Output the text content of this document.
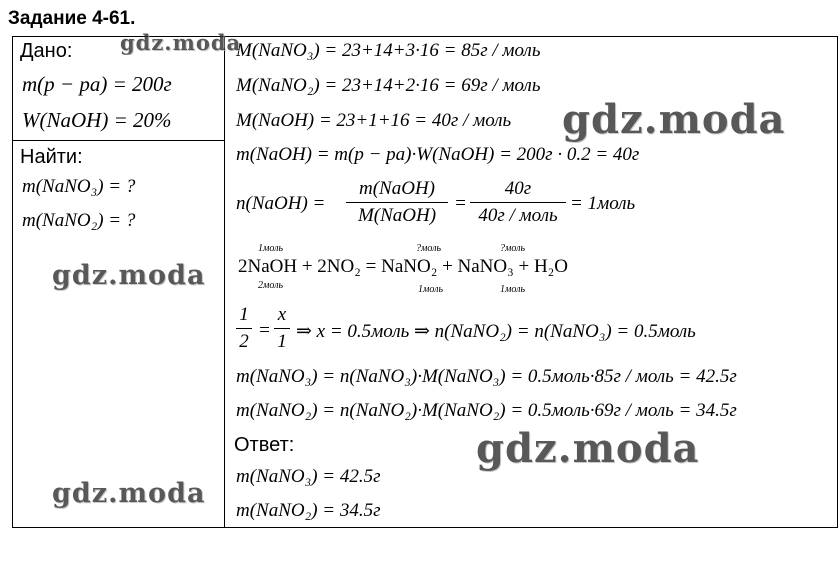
Задание 4-61.
Дано:
m(p − pa) = 200г
W(NaOH) = 20%
Найти:
m(NaNO₃) = ?
m(NaNO₂) = ?
M(NaNO₃) = 23+14+3·16 = 85г / моль
M(NaNO₂) = 23+14+2·16 = 69г / моль
M(NaOH) = 23+1+16 = 40г / моль
m(NaOH) = m(p − pa)·W(NaOH) = 200г · 0.2 = 40г
n(NaOH) =
m(NaOH)
M(NaOH)
=
40г
40г / моль
= 1моль
1моль	?моль	?моль
2NaOH + 2NO₂ = NaNO₂ + NaNO₃ + H₂O
2моль	1моль	1моль
1
2
=
x
1 ⇒ x = 0.5моль ⇒ n(NaNO₂) = n(NaNO₃) = 0.5моль
m(NaNO₃) = n(NaNO₃)·M(NaNO₃) = 0.5моль·85г / моль = 42.5г
m(NaNO₂) = n(NaNO₂)·M(NaNO₂) = 0.5моль·69г / моль = 34.5г
Ответ:
m(NaNO₃) = 42.5г
m(NaNO₂) = 34.5г
gdz.moda
gdz.moda
gdz.moda
gdz.moda
gdz.moda
